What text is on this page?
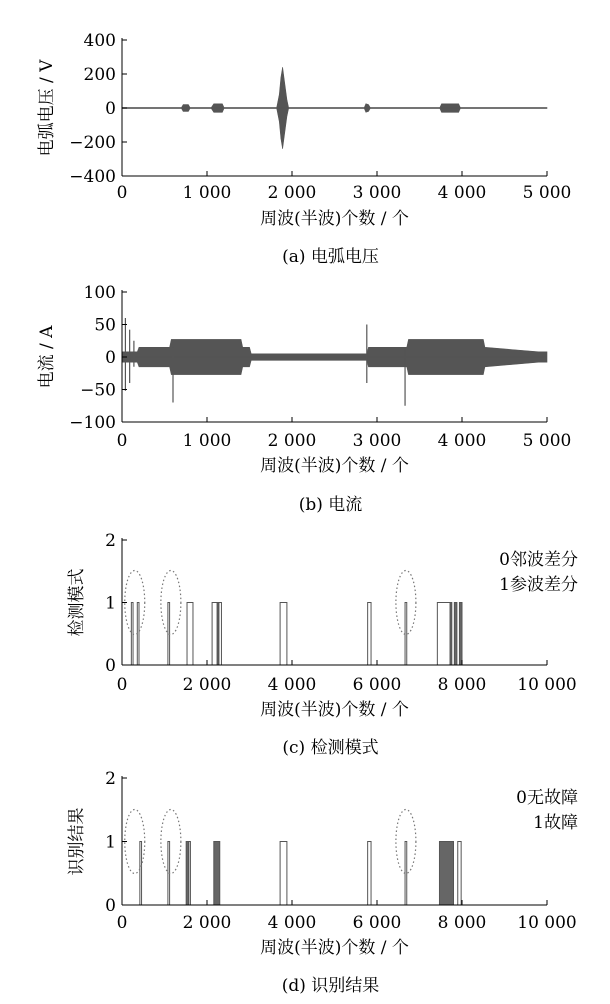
−400
−200
0
200
400
0	1 000 2 000 3 000 4 000 5 000
周波(半波)个数 / 个
电弧电压 / V
(a) 电弧电压
−100
−50
0
50
100
0	1 000 2 000 3 000 4 000 5 000
周波(半波)个数 / 个
电流 / A
(b) 电流
0
1
2
0	2 000 4 000 6 000 8 000 10 000
周波(半波)个数 / 个
检测模式
(c) 检测模式
0邻波差分
1参波差分
0
1
2
0	2 000 4 000 6 000 8 000 10 000
周波(半波)个数 / 个
识别结果
(d) 识别结果
0无故障
1故障
